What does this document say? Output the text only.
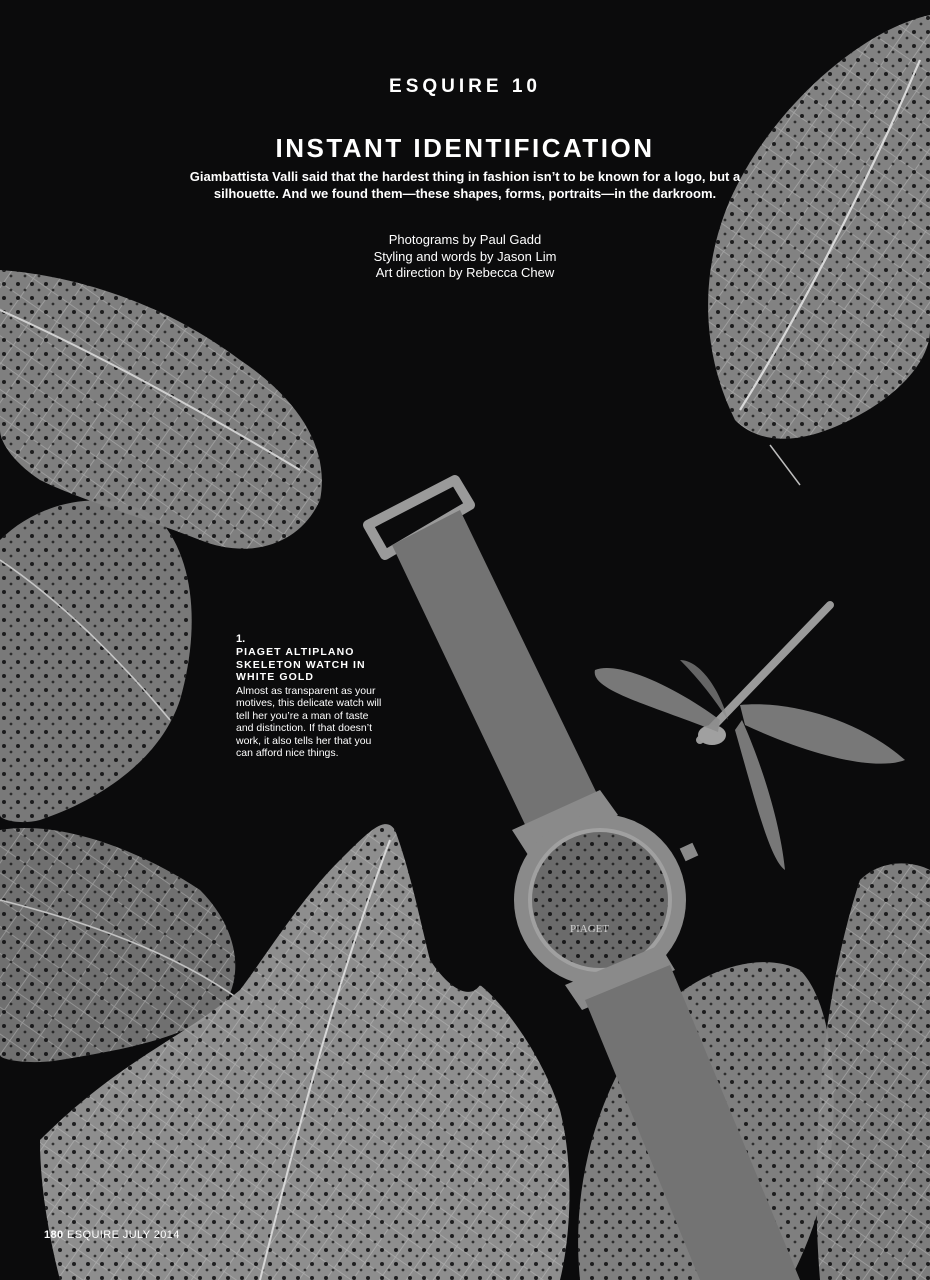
PIAGET
ESQUIRE 10
INSTANT IDENTIFICATION
Giambattista Valli said that the hardest thing in fashion isn’t to be known for a logo, but a silhouette. And we found them—these shapes, forms, portraits—in the darkroom.
Photograms by Paul Gadd
Styling and words by Jason Lim
Art direction by Rebecca Chew
1.
PIAGET ALTIPLANO SKELETON WATCH IN WHITE GOLD
Almost as transparent as your motives, this delicate watch will tell her you’re a man of taste and distinction. If that doesn’t work, it also tells her that you can afford nice things.
180 ESQUIRE JULY 2014
